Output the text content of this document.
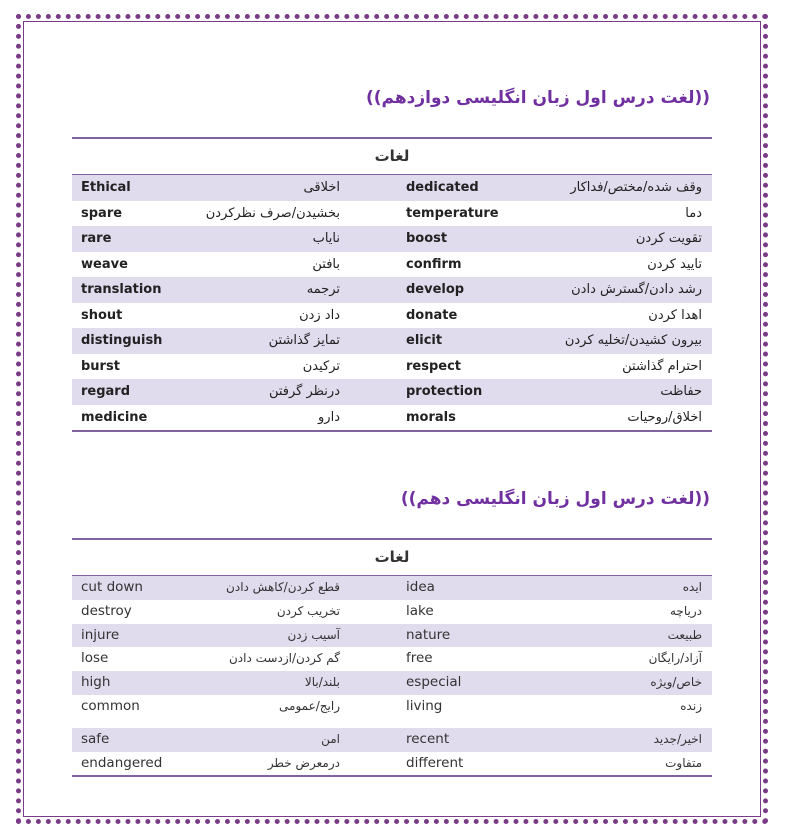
((لغت درس اول زبان انگلیسی دوازدهم))
لغات
Ethical	اخلاقی	dedicated	وقف شده/مختص/فداکار
spare	بخشیدن/صرف نظرکردن	temperature	دما
rare	نایاب	boost	تقویت کردن
weave	بافتن	confirm	تایید کردن
translation	ترجمه	develop	رشد دادن/گسترش دادن
shout	داد زدن	donate	اهدا کردن
distinguish	تمایز گذاشتن	elicit	بیرون کشیدن/تخلیه کردن
burst	ترکیدن	respect	احترام گذاشتن
regard	درنظر گرفتن	protection	حفاظت
medicine	دارو	morals	اخلاق/روحیات
((لغت درس اول زبان انگلیسی دهم))
لغات
cut down	قطع کردن/کاهش دادن	idea	ایده
destroy	تخریب کردن	lake	دریاچه
injure	آسیب زدن	nature	طبیعت
lose	گم کردن/ازدست دادن	free	آزاد/رایگان
high	بلند/بالا	especial	خاص/ویژه
common	رایج/عمومی	living	زنده
safe	امن	recent	اخیر/جدید
endangered	درمعرض خطر	different	متفاوت
